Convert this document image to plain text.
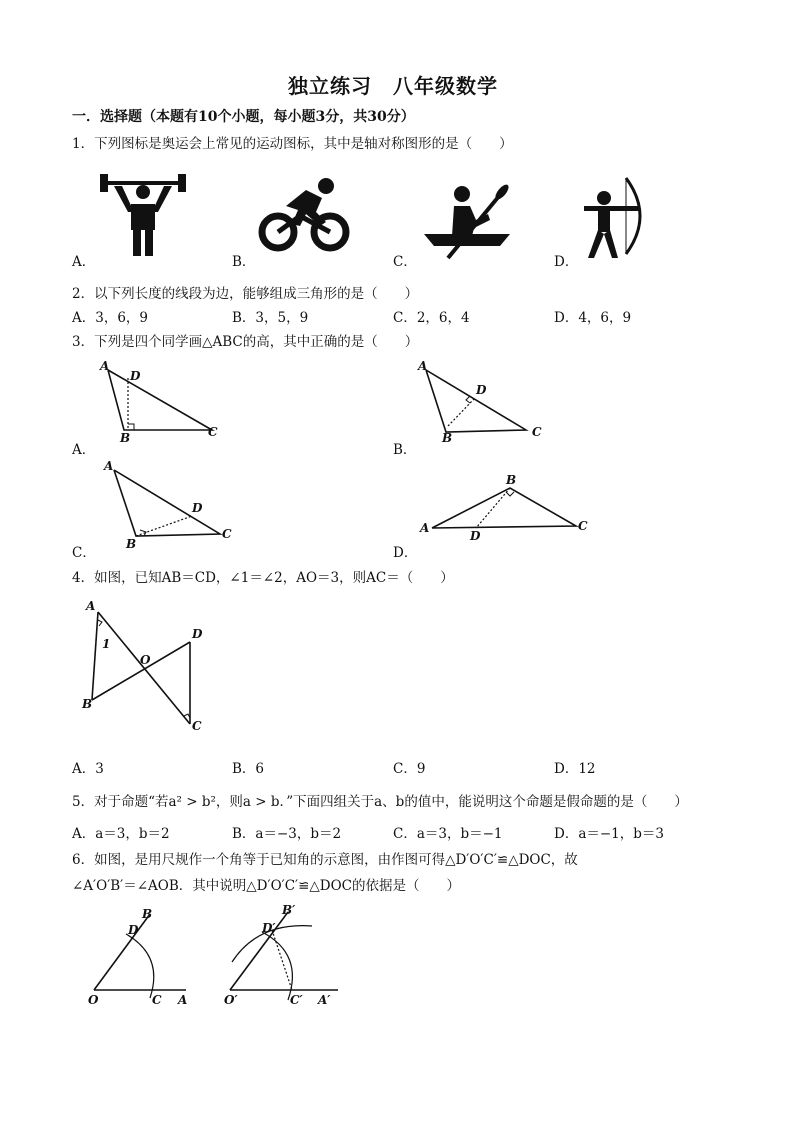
独立练习　八年级数学
一．选择题（本题有10个小题，每小题3分，共30分）
1．下列图标是奥运会上常见的运动图标，其中是轴对称图形的是（　　）
A．	B．	C．	D．
2．以下列长度的线段为边，能够组成三角形的是（　　）
A．3，6，9	B．3，5，9	C．2，6，4	D．4，6，9
3．下列是四个同学画△ABC的高，其中正确的是（　　）
A
D
B	C
A．
A
D
B	C
B．
A
D
B
C
C．
A
B
C
D
D．
4．如图，已知AB＝CD，∠1＝∠2，AO＝3，则AC＝（　　）
A
B
C
D
O
1
A．3	B．6	C．9	D．12
5．对于命题“若a² > b²，则a > b．”下面四组关于a、b的值中，能说明这个命题是假命题的是（　　）
A．a＝3，b＝2	B．a＝−3，b＝2	C．a＝3，b＝−1	D．a＝−1，b＝3
6．如图，是用尺规作一个角等于已知角的示意图，由作图可得△D′O′C′≌△DOC，故
∠A′O′B′＝∠AOB．其中说明△D′O′C′≌△DOC的依据是（　　）
O
B
D
C A	O′
B′
D′
C′ A′
